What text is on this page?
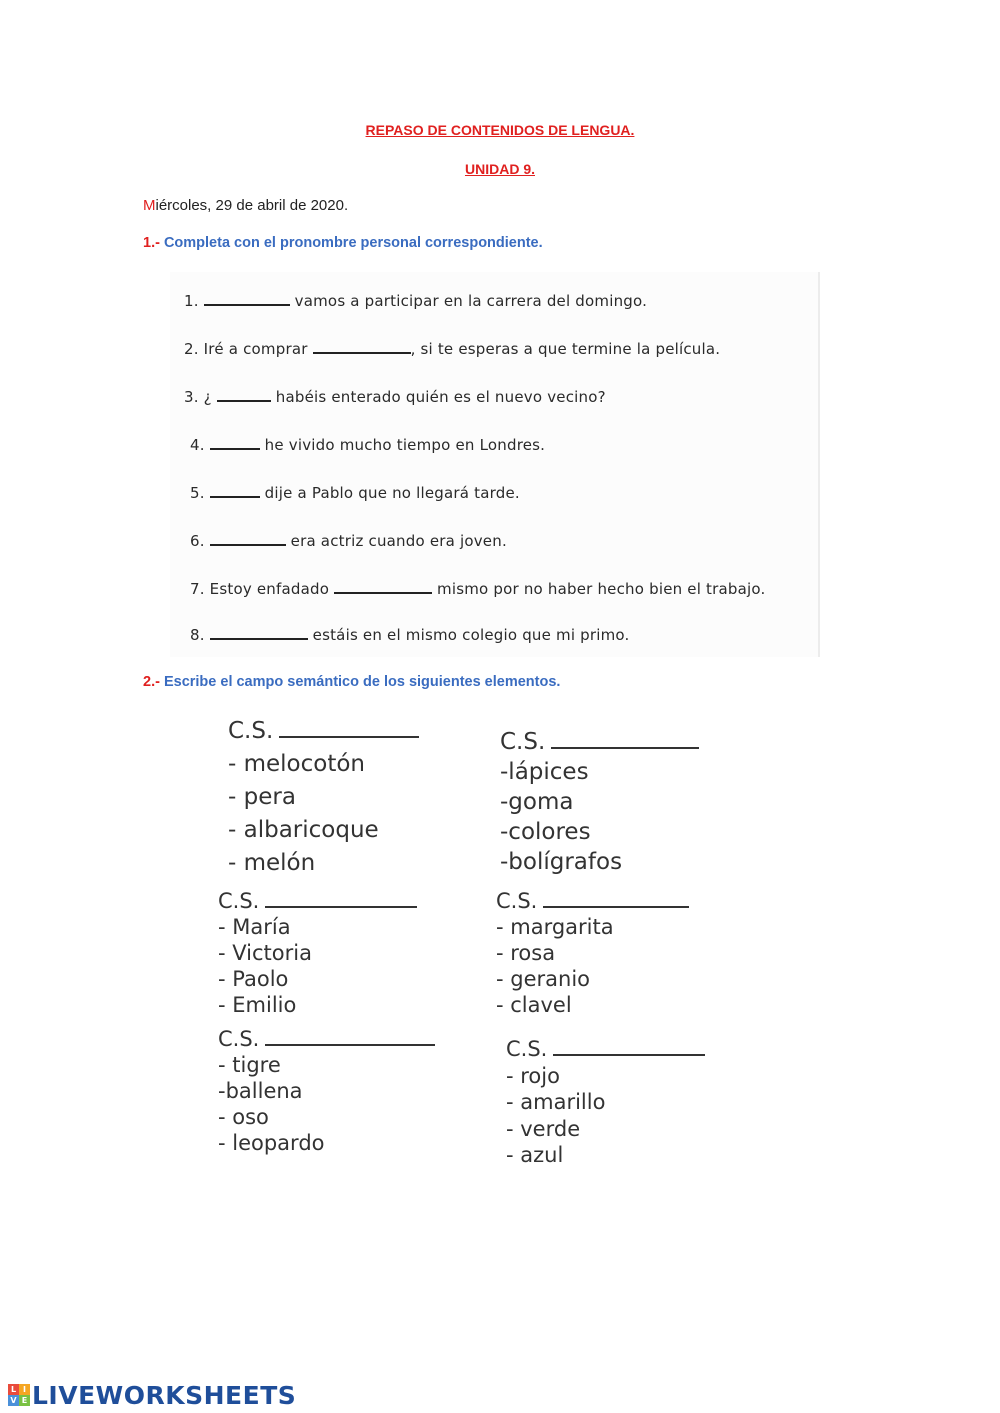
REPASO DE CONTENIDOS DE LENGUA.
UNIDAD 9.
Miércoles, 29 de abril de 2020.
1.- Completa con el pronombre personal correspondiente.
1.	vamos a participar en la carrera del domingo.
2. Iré a comprar	, si te esperas a que termine la película.
3. ¿	habéis enterado quién es el nuevo vecino?
4.	he vivido mucho tiempo en Londres.
5.	dije a Pablo que no llegará tarde.
6.	era actriz cuando era joven.
7. Estoy enfadado	mismo por no haber hecho bien el trabajo.
8.	estáis en el mismo colegio que mi primo.
2.- Escribe el campo semántico de los siguientes elementos.
C.S.
- melocotón
- pera
- albaricoque
- melón
C.S.
-lápices
-goma
-colores
-bolígrafos
C.S.
- María
- Victoria
- Paolo
- Emilio
C.S.
- margarita
- rosa
- geranio
- clavel
C.S.
- tigre
-ballena
- oso
- leopardo
C.S.
- rojo
- amarillo
- verde
- azul
L I
V E LIVEWORKSHEETS
